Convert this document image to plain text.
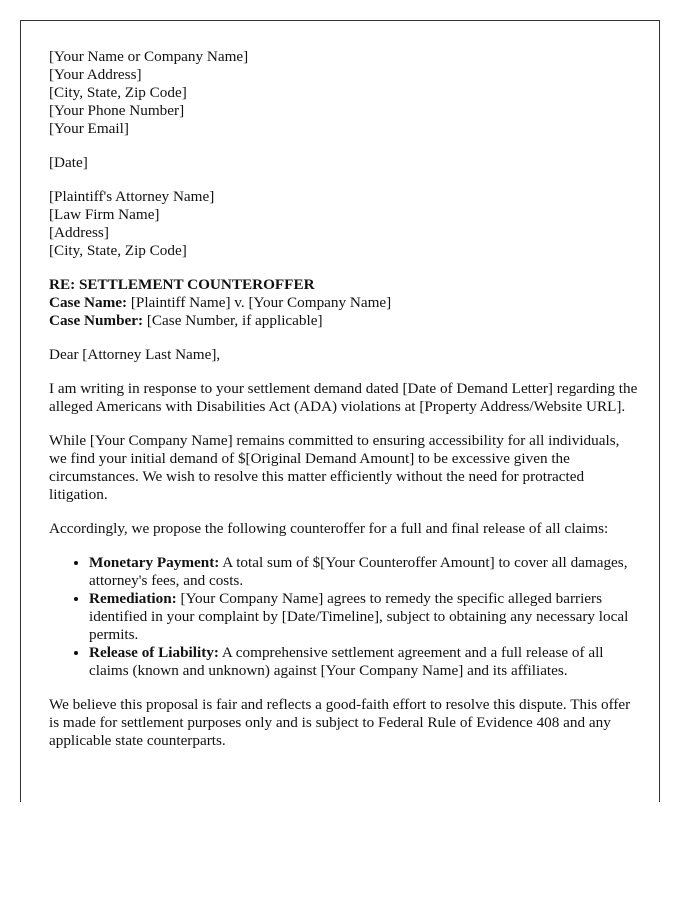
[Your Name or Company Name]
[Your Address]
[City, State, Zip Code]
[Your Phone Number]
[Your Email]

[Date]

[Plaintiff's Attorney Name]
[Law Firm Name]
[Address]
[City, State, Zip Code]
RE: SETTLEMENT COUNTEROFFER
Case Name: [Plaintiff Name] v. [Your Company Name]
Case Number: [Case Number, if applicable]

Dear [Attorney Last Name],

I am writing in response to your settlement demand dated [Date of Demand Letter] regarding the alleged Americans with Disabilities Act (ADA) violations at [Property Address/Website URL].

While [Your Company Name] remains committed to ensuring accessibility for all individuals, we find your initial demand of $[Original Demand Amount] to be excessive given the circumstances. We wish to resolve this matter efficiently without the need for protracted litigation.

Accordingly, we propose the following counteroffer for a full and final release of all claims:

• Monetary Payment: A total sum of $[Your Counteroffer Amount] to cover all damages, attorney's fees, and costs.
• Remediation: [Your Company Name] agrees to remedy the specific alleged barriers identified in your complaint by [Date/Timeline], subject to obtaining any necessary local permits.
• Release of Liability: A comprehensive settlement agreement and a full release of all claims (known and unknown) against [Your Company Name] and its affiliates.

We believe this proposal is fair and reflects a good-faith effort to resolve this dispute. This offer is made for settlement purposes only and is subject to Federal Rule of Evidence 408 and any applicable state counterparts.
